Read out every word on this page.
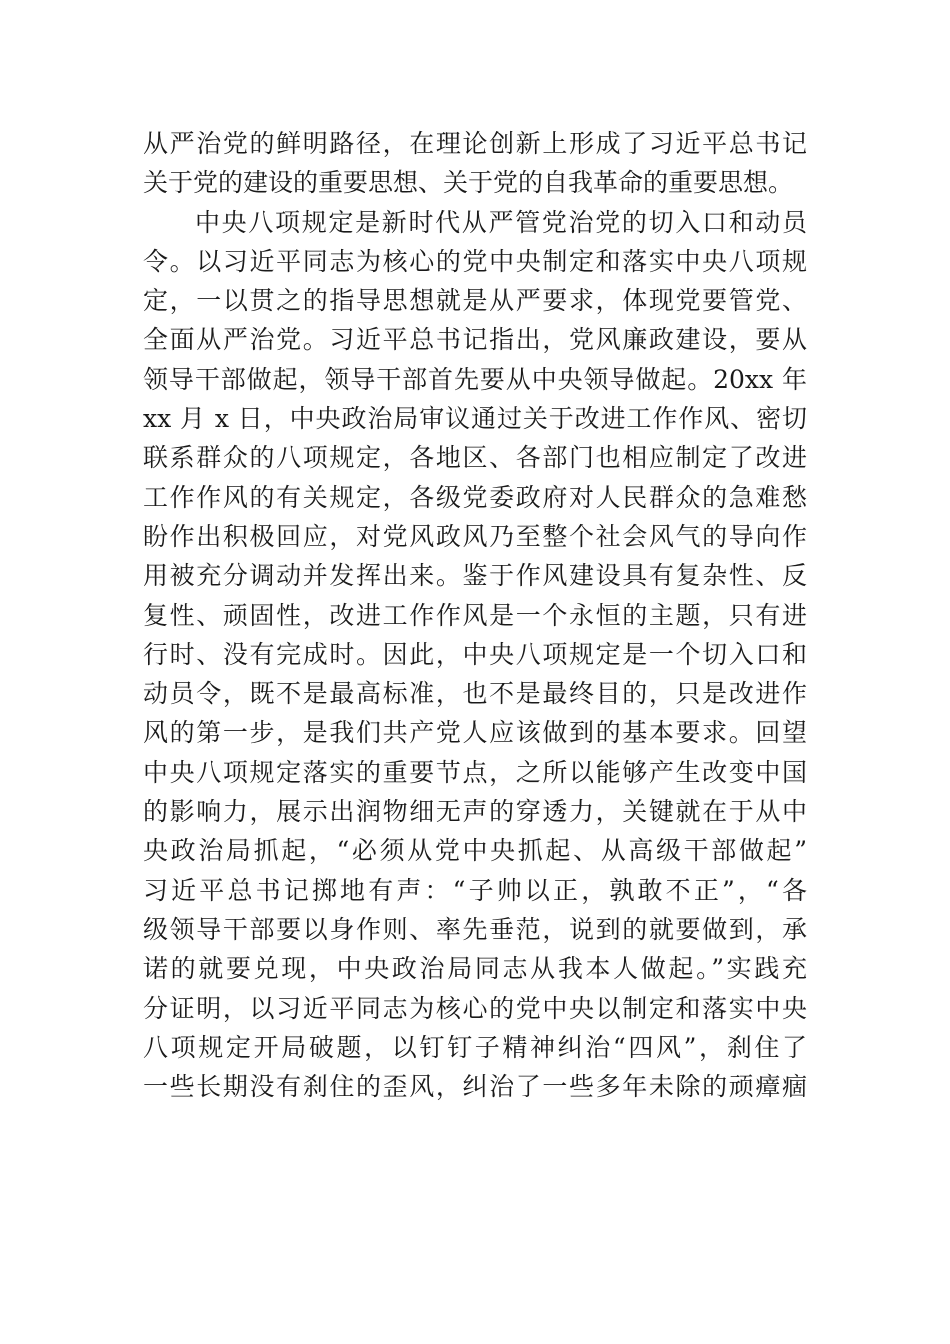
从严治党的鲜明路径，在理论创新上形成了习近平总书记
关于党的建设的重要思想、关于党的自我革命的重要思想。
中央八项规定是新时代从严管党治党的切入口和动员
令。以习近平同志为核心的党中央制定和落实中央八项规
定，一以贯之的指导思想就是从严要求，体现党要管党、
全面从严治党。习近平总书记指出，党风廉政建设，要从
领导干部做起，领导干部首先要从中央领导做起。20xx 年
xx 月 x 日，中央政治局审议通过关于改进工作作风、密切
联系群众的八项规定，各地区、各部门也相应制定了改进
工作作风的有关规定，各级党委政府对人民群众的急难愁
盼作出积极回应，对党风政风乃至整个社会风气的导向作
用被充分调动并发挥出来。鉴于作风建设具有复杂性、反
复性、顽固性，改进工作作风是一个永恒的主题，只有进
行时、没有完成时。因此，中央八项规定是一个切入口和
动员令，既不是最高标准，也不是最终目的，只是改进作
风的第一步，是我们共产党人应该做到的基本要求。回望
中央八项规定落实的重要节点，之所以能够产生改变中国
的影响力，展示出润物细无声的穿透力，关键就在于从中
央政治局抓起，“必须从党中央抓起、从高级干部做起”
习近平总书记掷地有声：“子帅以正，孰敢不正”，“各
级领导干部要以身作则、率先垂范，说到的就要做到，承
诺的就要兑现，中央政治局同志从我本人做起。”实践充
分证明，以习近平同志为核心的党中央以制定和落实中央
八项规定开局破题，以钉钉子精神纠治“四风”，刹住了
一些长期没有刹住的歪风，纠治了一些多年未除的顽瘴痼
